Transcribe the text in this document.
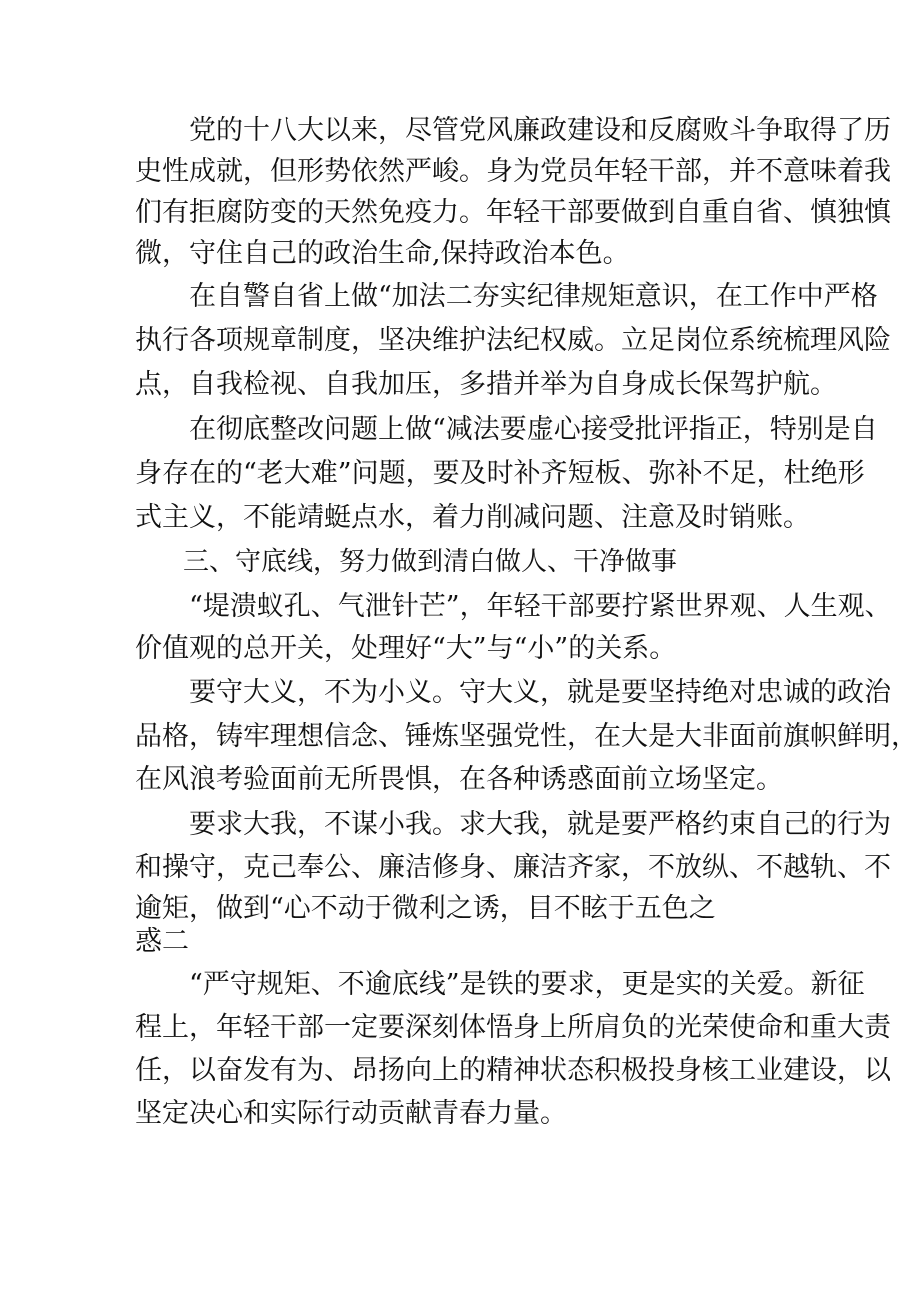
　　党的十八大以来，尽管党风廉政建设和反腐败斗争取得了历
史性成就，但形势依然严峻。身为党员年轻干部，并不意味着我
们有拒腐防变的天然免疫力。年轻干部要做到自重自省、慎独慎
微，守住自己的政治生命,保持政治本色。
　　在自警自省上做“加法二夯实纪律规矩意识，在工作中严格
执行各项规章制度，坚决维护法纪权威。立足岗位系统梳理风险
点，自我检视、自我加压，多措并举为自身成长保驾护航。
　　在彻底整改问题上做“减法要虚心接受批评指正，特别是自
身存在的“老大难”问题，要及时补齐短板、弥补不足，杜绝形
式主义，不能靖蜓点水，着力削减问题、注意及时销账。
三、守底线，努力做到清白做人、干净做事
　　“堤溃蚁孔、气泄针芒”，年轻干部要拧紧世界观、人生观、
价值观的总开关，处理好“大”与“小”的关系。
　　要守大义，不为小义。守大义，就是要坚持绝对忠诚的政治
品格，铸牢理想信念、锤炼坚强党性，在大是大非面前旗帜鲜明，
在风浪考验面前无所畏惧，在各种诱惑面前立场坚定。
　　要求大我，不谋小我。求大我，就是要严格约束自己的行为
和操守，克己奉公、廉洁修身、廉洁齐家，不放纵、不越轨、不
逾矩，做到“心不动于微利之诱，目不眩于五色之
惑二
　　“严守规矩、不逾底线”是铁的要求，更是实的关爱。新征
程上，年轻干部一定要深刻体悟身上所肩负的光荣使命和重大责
任，以奋发有为、昂扬向上的精神状态积极投身核工业建设，以
坚定决心和实际行动贡献青春力量。
